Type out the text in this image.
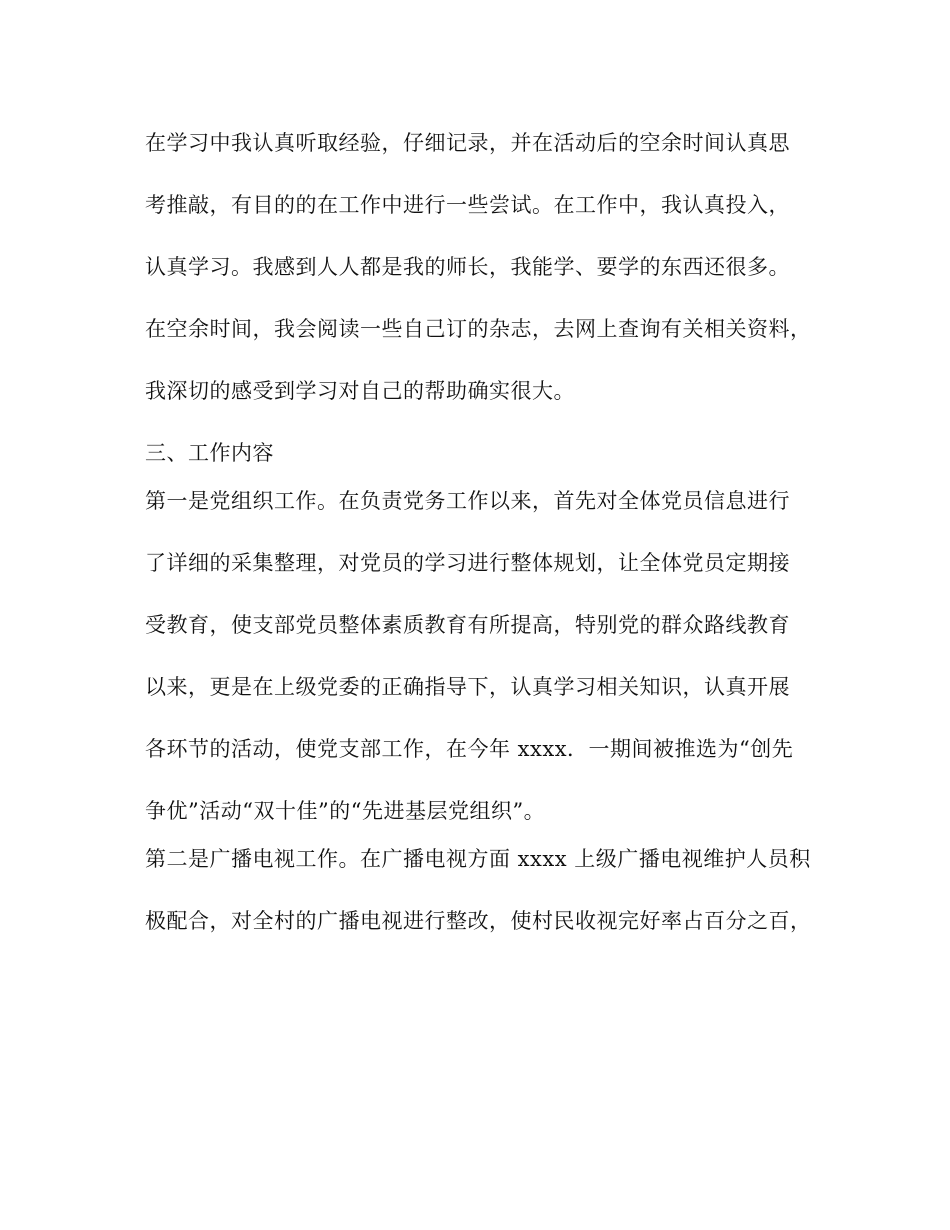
在学习中我认真听取经验，仔细记录，并在活动后的空余时间认真思
考推敲，有目的的在工作中进行一些尝试。在工作中，我认真投入，
认真学习。我感到人人都是我的师长，我能学、要学的东西还很多。
在空余时间，我会阅读一些自己订的杂志，去网上查询有关相关资料，
我深切的感受到学习对自己的帮助确实很大。
三、工作内容
第一是党组织工作。在负责党务工作以来，首先对全体党员信息进行
了详细的采集整理，对党员的学习进行整体规划，让全体党员定期接
受教育，使支部党员整体素质教育有所提高，特别党的群众路线教育
以来，更是在上级党委的正确指导下，认真学习相关知识，认真开展
各环节的活动，使党支部工作，在今年 xxxx．一期间被推选为“创先
争优”活动“双十佳”的“先进基层党组织”。
第二是广播电视工作。在广播电视方面 xxxx 上级广播电视维护人员积
极配合，对全村的广播电视进行整改，使村民收视完好率占百分之百，
